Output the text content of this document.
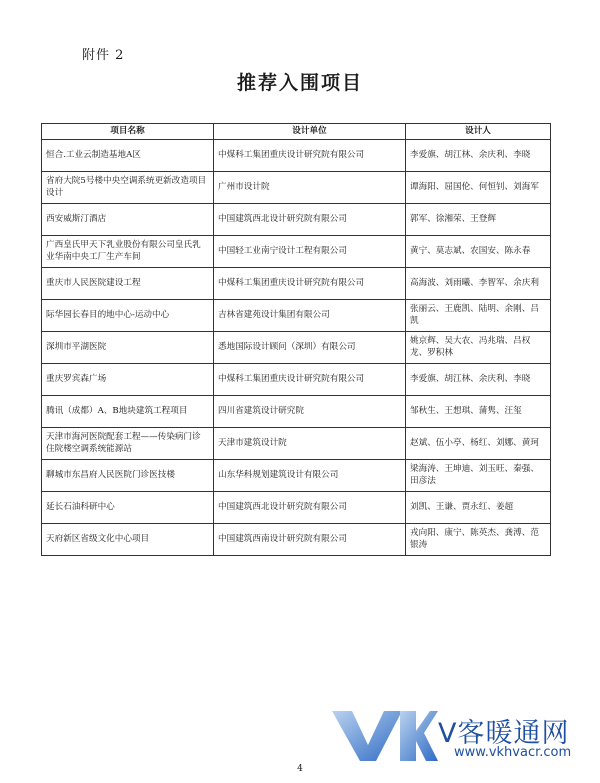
附件 2
推荐入围项目
项目名称	设计单位	设计人
恒合.工业云制造基地A区	中煤科工集团重庆设计研究院有限公司	李爱旗、胡江林、余庆利、李晓
省府大院5号楼中央空调系统更新改造项目设计	广州市设计院	谭海阳、屈国伦、何恒钊、刘海军
西安威斯汀酒店	中国建筑西北设计研究院有限公司	郭军、徐湘荣、王登辉
广西皇氏甲天下乳业股份有限公司皇氏乳业华南中央工厂生产车间	中国轻工业南宁设计工程有限公司	黄宁、莫志斌、农国安、陈永春
重庆市人民医院建设工程	中煤科工集团重庆设计研究院有限公司	高海波、刘雨曦、李智军、余庆利
际华园长春目的地中心-运动中心	吉林省建苑设计集团有限公司	张丽云、王鹿凯、陆明、余刚、吕凯
深圳市平湖医院	悉地国际设计顾问（深圳）有限公司	姚京辉、吴大农、冯兆瑞、吕权龙、罗积林
重庆罗宾森广场	中煤科工集团重庆设计研究院有限公司	李爱旗、胡江林、余庆利、李晓
腾讯（成都）A、B地块建筑工程项目	四川省建筑设计研究院	邹秋生、王想琪、蒲隽、汪玺
天津市海河医院配套工程——传染病门诊住院楼空调系统能源站	天津市建筑设计院	赵斌、伍小亭、杨红、刘娜、黄珂
聊城市东昌府人民医院门诊医技楼	山东华科规划建筑设计有限公司	梁海涛、王坤迪、刘玉旺、秦强、田彦法
延长石油科研中心	中国建筑西北设计研究院有限公司	刘凯、王谦、贾永红、姜超
天府新区省级文化中心项目	中国建筑西南设计研究院有限公司	戎向阳、康宁、陈英杰、龚溥、范银涛
V客暖通网
www.vkhvacr.com
4
